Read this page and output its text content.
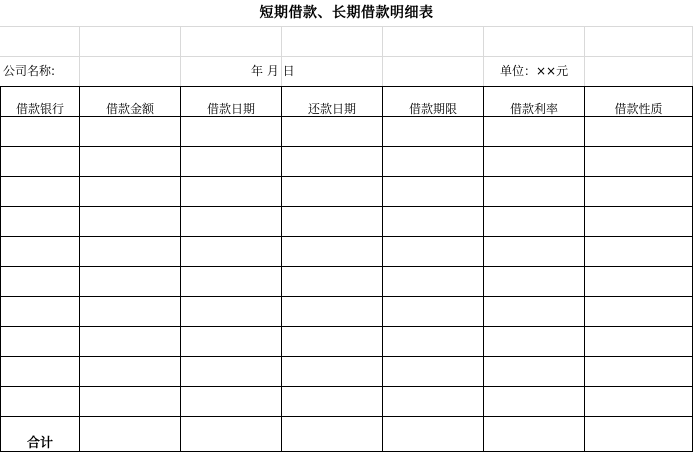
短期借款、长期借款明细表
公司名称:	年 月 日	单位：××元
借款银行	借款金额	借款日期	还款日期	借款期限	借款利率	借款性质

合计						
